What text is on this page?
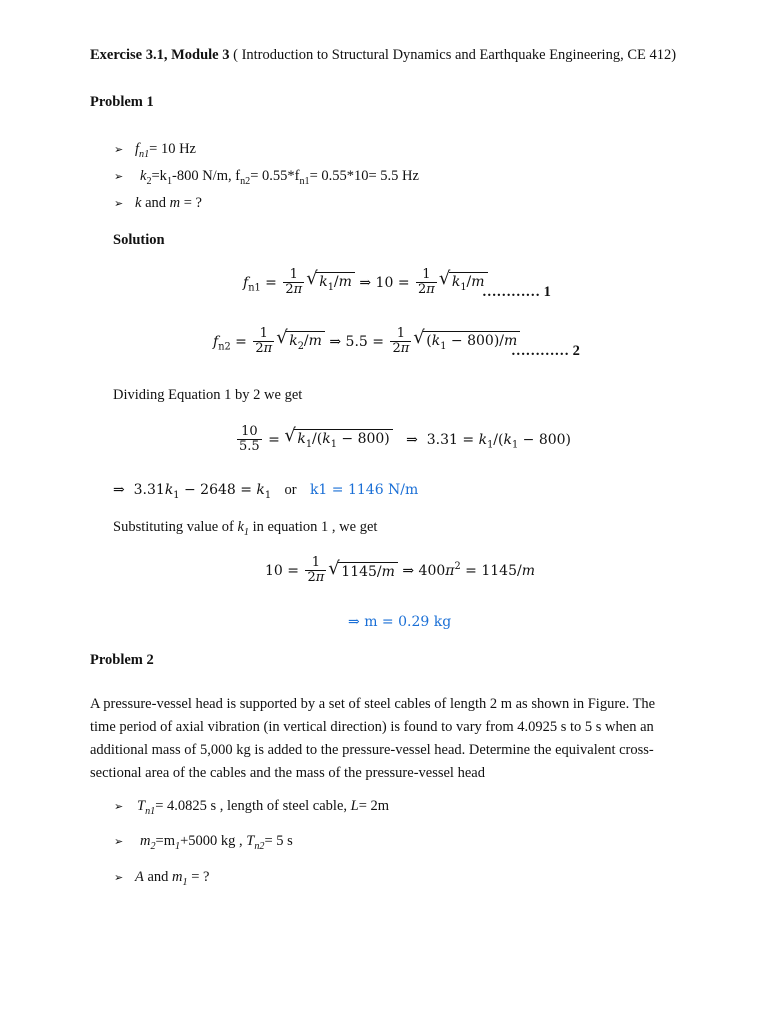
Exercise 3.1, Module 3 ( Introduction to Structural Dynamics and Earthquake Engineering, CE 412)
Problem 1
➢ $f_{n1}= 10$ Hz
➢ $k_2=k_1-800$ N/m, $f_{n2}= 0.55*f_{n1}= 0.55*10= 5.5$ Hz
➢ k and m = ?
Solution
$f_{n1} = \frac{1}{2\pi}$ √ $k_1/m$ ⇒ $10 = \frac{1}{2\pi}$ √ $k_1/m$
………… 1
$f_{n2} = \frac{1}{2\pi}$ √ $k_2/m$ ⇒ $5.5 = \frac{1}{2\pi}$ √ $(k_1 - 800)/m$
………… 2
Dividing Equation 1 by 2 we get
$\frac{10}{5.5}$ = √ $k_1/(k_1 - 800)$   ⇒  $3.31 = k_1/(k_1 - 800)$
⇒  $3.31k_1 - 2648 = k_1$ or k1 = 1146 N/m
Substituting value of $k_1$ in equation 1 , we get
$10 = \frac{1}{2\pi}$ √ 1145/m ⇒ $400\pi^2 = 1145/m$
⇒ m = 0.29 kg
Problem 2
A pressure-vessel head is supported by a set of steel cables of length 2 m as shown in Figure. The time period of axial vibration (in vertical direction) is found to vary from 4.0925 s to 5 s when an additional mass of 5,000 kg is added to the pressure-vessel head. Determine the equivalent cross-sectional area of the cables and the mass of the pressure-vessel head
➢ $T_{n1}= 4.0825$ s , length of steel cable, L= 2m
➢ $m_2=m_1+5000$ kg , $T_{n2}= 5$ s
➢ A and $m_1$ = ?
